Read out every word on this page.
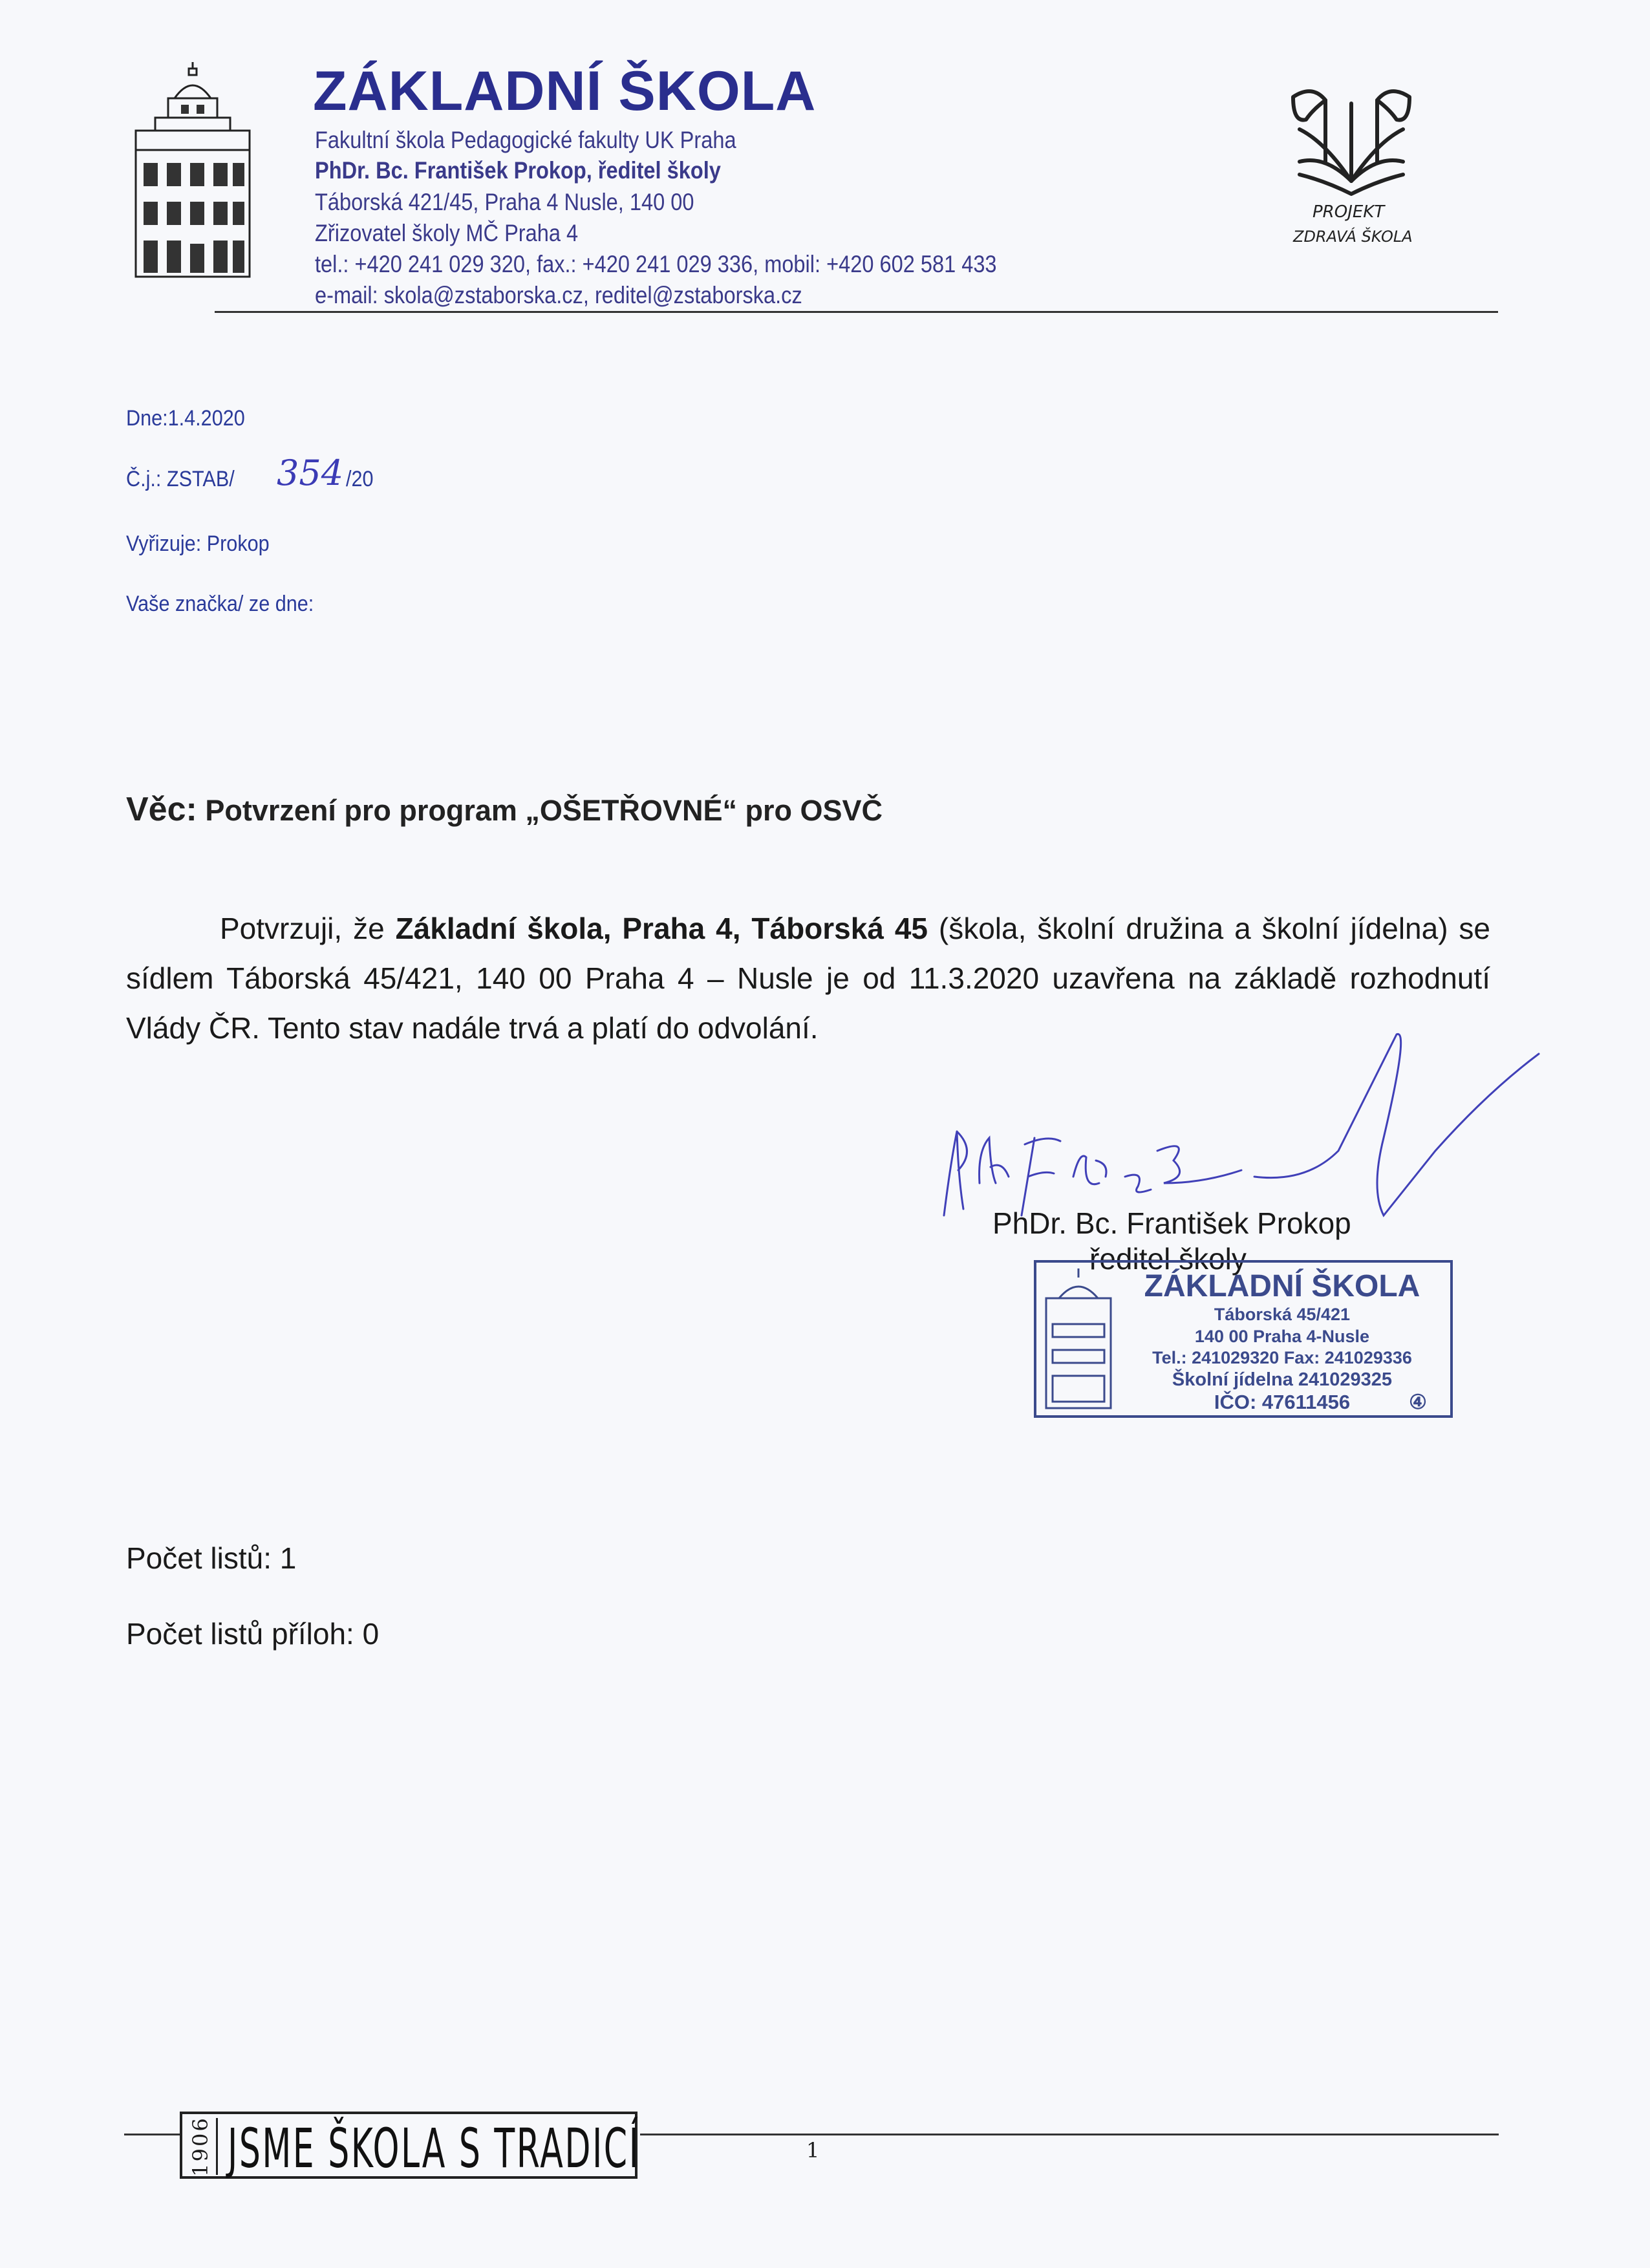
ZÁKLADNÍ ŠKOLA
Fakultní škola Pedagogické fakulty UK Praha
PhDr. Bc. František Prokop, ředitel školy
Táborská 421/45, Praha 4 Nusle, 140 00
Zřizovatel školy MČ Praha 4
tel.: +420 241 029 320, fax.: +420 241 029 336, mobil: +420 602 581 433
e-mail: skola@zstaborska.cz, reditel@zstaborska.cz
PROJEKT
ZDRAVÁ ŠKOLA
Dne:1.4.2020
Č.j.: ZSTAB/ 354 /20
Vyřizuje: Prokop
Vaše značka/ ze dne:
Věc: Potvrzení pro program „OŠETŘOVNÉ“ pro OSVČ
Potvrzuji, že Základní škola, Praha 4, Táborská 45 (škola, školní družina a školní jídelna) se sídlem Táborská 45/421, 140 00 Praha 4 – Nusle je od 11.3.2020 uzavřena na základě rozhodnutí Vlády ČR. Tento stav nadále trvá a platí do odvolání.
PhDr. Bc. František Prokop
ředitel školy
ZÁKLADNÍ ŠKOLA
Táborská 45/421
140 00 Praha 4-Nusle
Tel.: 241029320 Fax: 241029336
Školní jídelna 241029325
IČO: 47611456	④
Počet listů: 1
Počet listů příloh: 0
1906 JSME ŠKOLA S TRADICÍ	1
